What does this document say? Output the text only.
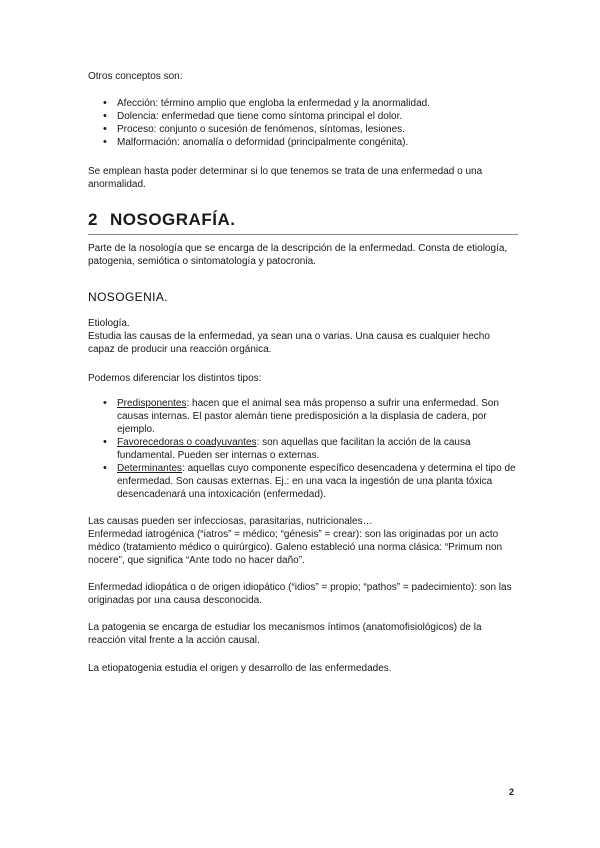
Otros conceptos son:

• Afección: término amplio que engloba la enfermedad y la anormalidad.
• Dolencia: enfermedad que tiene como síntoma principal el dolor.
• Proceso: conjunto o sucesión de fenómenos, síntomas, lesiones.
• Malformación: anomalía o deformidad (principalmente congénita).

Se emplean hasta poder determinar si lo que tenemos se trata de una enfermedad o una anormalidad.

2 NOSOGRAFÍA.

Parte de la nosología que se encarga de la descripción de la enfermedad. Consta de etiología, patogenia, semiótica o sintomatología y patocronia.

NOSOGENIA.

Etiología.

Estudia las causas de la enfermedad, ya sean una o varias. Una causa es cualquier hecho capaz de producir una reacción orgánica.

Podemos diferenciar los distintos tipos:

• Predisponentes: hacen que el animal sea más propenso a sufrir una enfermedad. Son causas internas. El pastor alemán tiene predisposición a la displasia de cadera, por ejemplo.
• Favorecedoras o coadyuvantes: son aquellas que facilitan la acción de la causa fundamental. Pueden ser internas o externas.
• Determinantes: aquellas cuyo componente específico desencadena y determina el tipo de enfermedad. Son causas externas. Ej.: en una vaca la ingestión de una planta tóxica desencadenará una intoxicación (enfermedad).

Las causas pueden ser infecciosas, parasitarias, nutricionales…

Enfermedad iatrogénica (“iatros” = médico; “génesis” = crear): son las originadas por un acto médico (tratamiento médico o quirúrgico). Galeno estableció una norma clásica: “Primum non nocere”, que significa “Ante todo no hacer daño”.

Enfermedad idiopática o de origen idiopático (“idios” = propio; “pathos” = padecimiento): son las originadas por una causa desconocida.

La patogenia se encarga de estudiar los mecanismos íntimos (anatomofisiológicos) de la reacción vital frente a la acción causal.

La etiopatogenia estudia el origen y desarrollo de las enfermedades.

2
